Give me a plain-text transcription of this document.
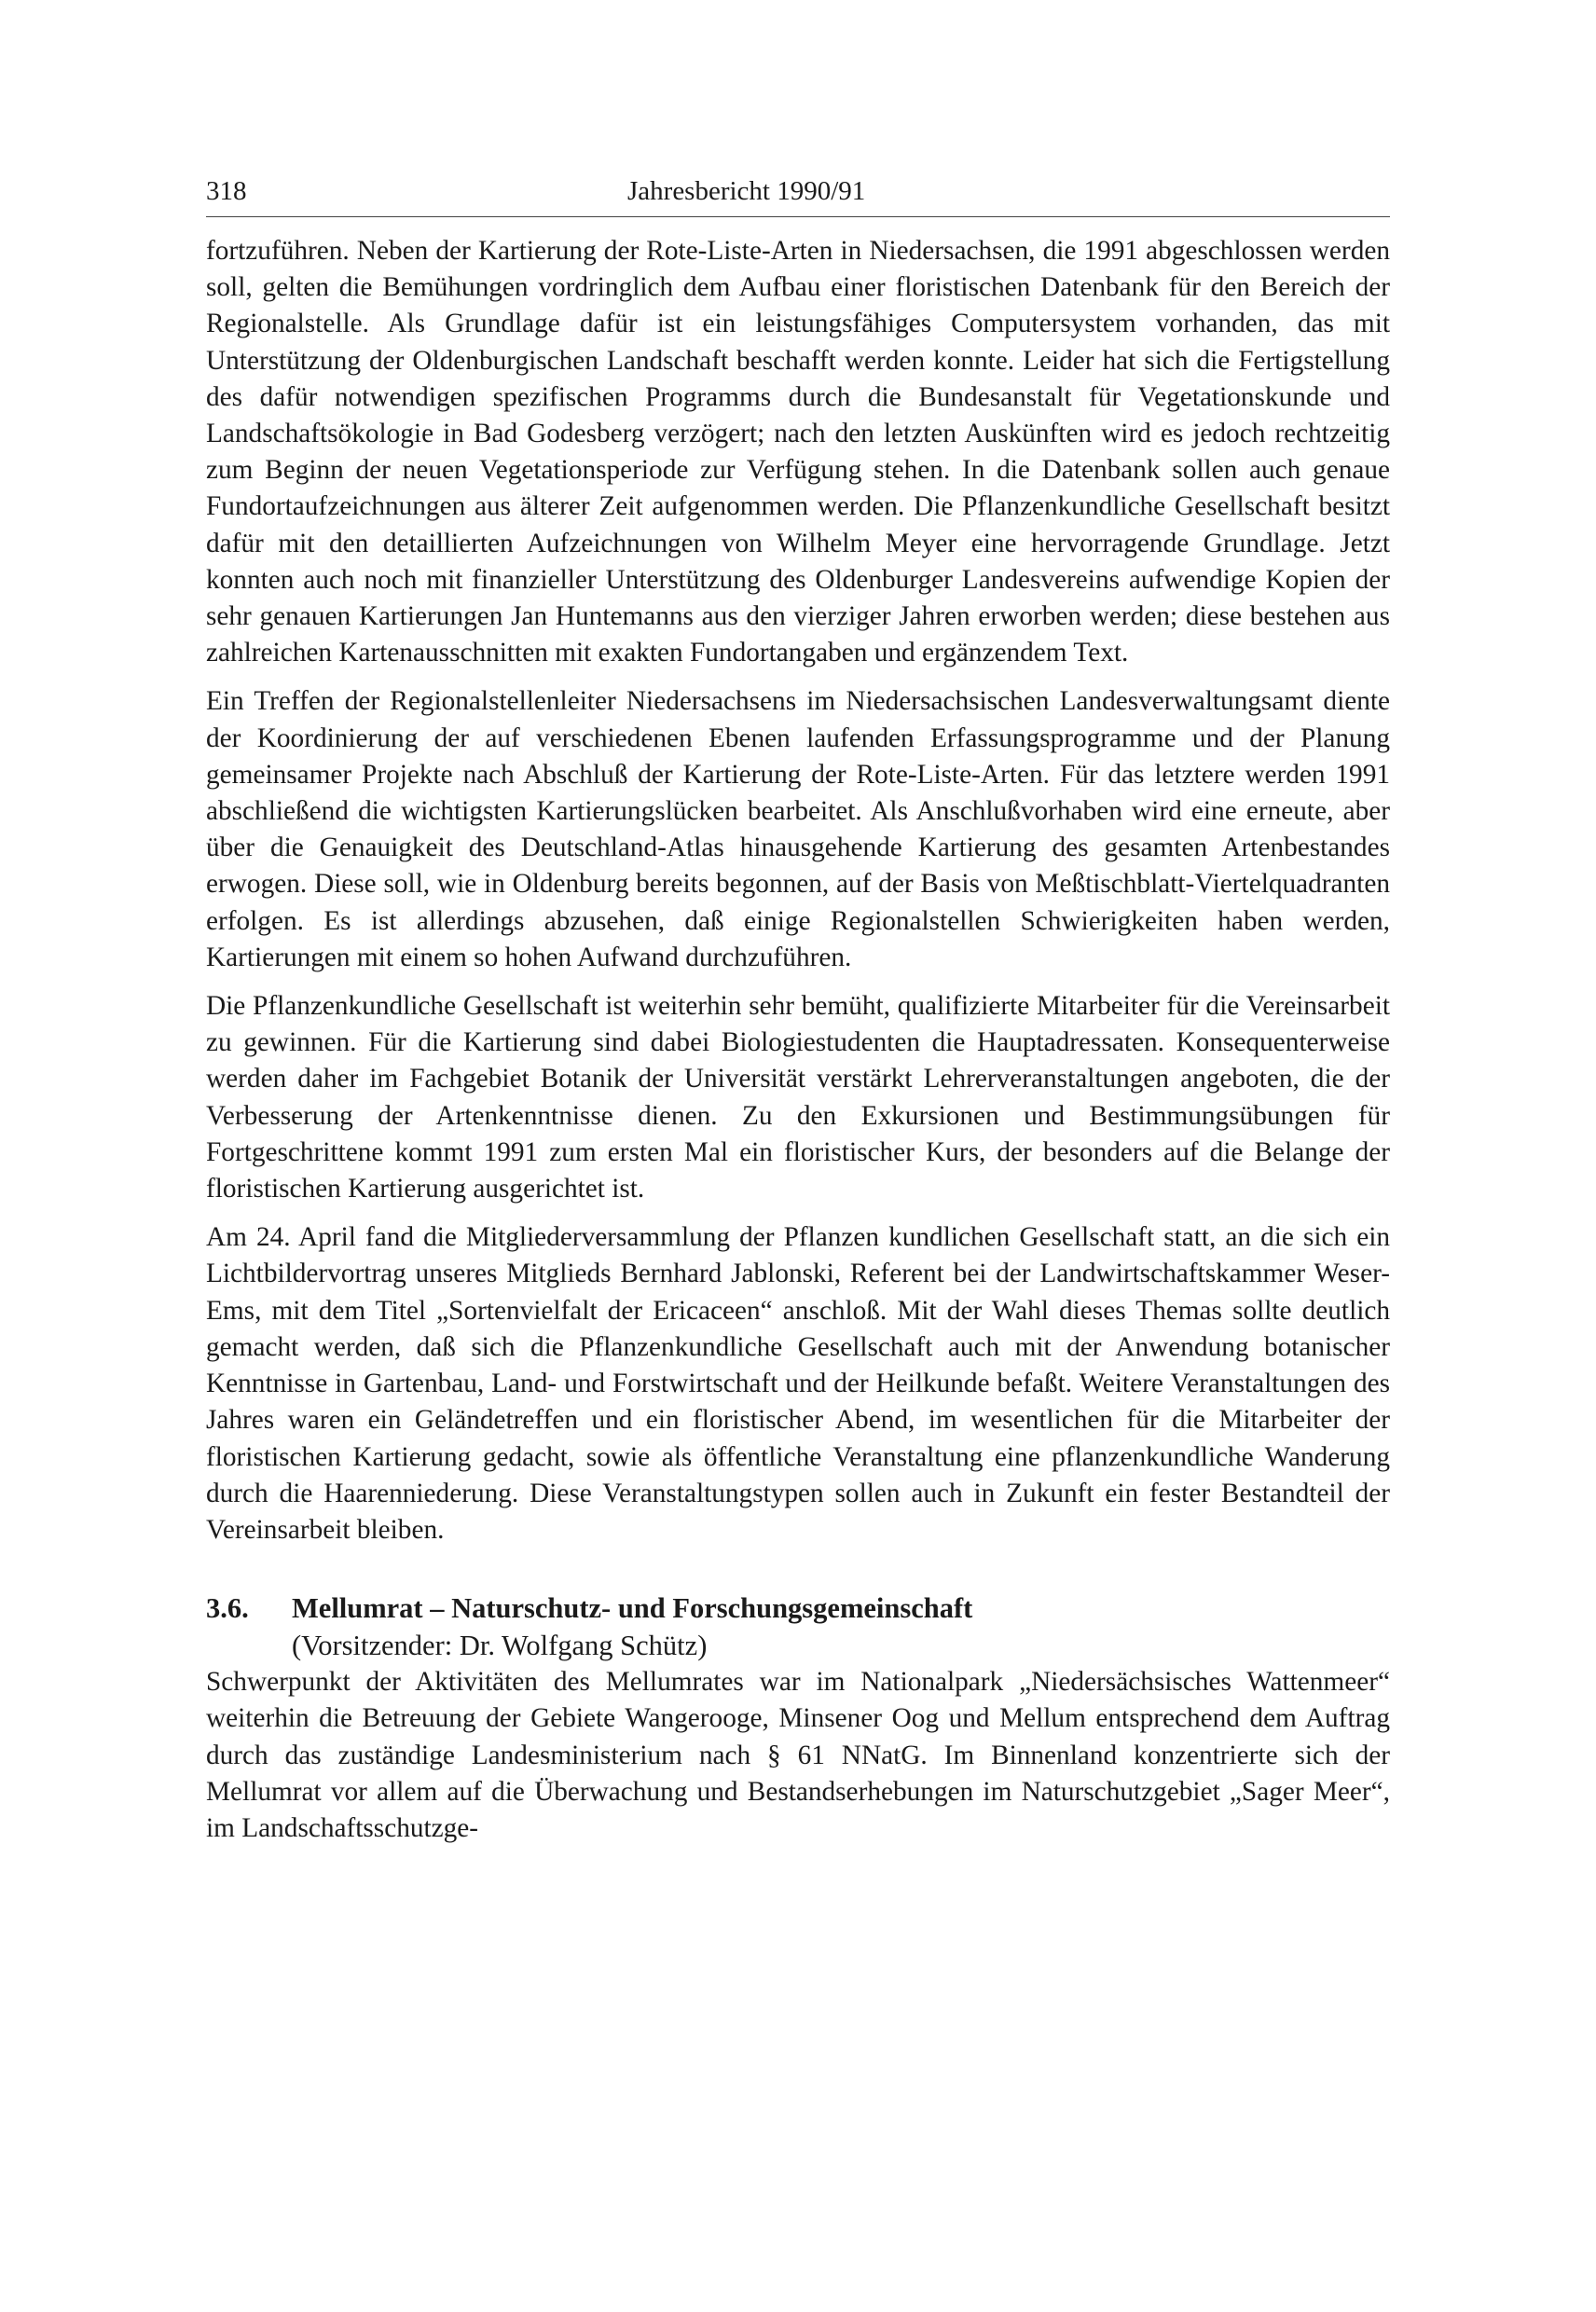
318	Jahresbericht 1990/91

fortzuführen. Neben der Kartierung der Rote-Liste-Arten in Niedersachsen, die 1991 abgeschlossen werden soll, gelten die Bemühungen vordringlich dem Aufbau einer floristischen Datenbank für den Bereich der Regionalstelle. Als Grundlage dafür ist ein leistungsfähiges Computersystem vorhanden, das mit Unterstützung der Oldenburgischen Landschaft beschafft werden konnte. Leider hat sich die Fertigstellung des dafür notwendigen spezifischen Programms durch die Bundesanstalt für Vegetationskunde und Landschaftsökologie in Bad Godesberg verzögert; nach den letzten Auskünften wird es jedoch rechtzeitig zum Beginn der neuen Vegetationsperiode zur Verfügung stehen. In die Datenbank sollen auch genaue Fundortaufzeichnungen aus älterer Zeit aufgenommen werden. Die Pflanzenkundliche Gesellschaft besitzt dafür mit den detaillierten Aufzeichnungen von Wilhelm Meyer eine hervorragende Grundlage. Jetzt konnten auch noch mit finanzieller Unterstützung des Oldenburger Landesvereins aufwendige Kopien der sehr genauen Kartierungen Jan Huntemanns aus den vierziger Jahren erworben werden; diese bestehen aus zahlreichen Kartenausschnitten mit exakten Fundortangaben und ergänzendem Text.

Ein Treffen der Regionalstellenleiter Niedersachsens im Niedersachsischen Landesverwaltungsamt diente der Koordinierung der auf verschiedenen Ebenen laufenden Erfassungsprogramme und der Planung gemeinsamer Projekte nach Abschluß der Kartierung der Rote-Liste-Arten. Für das letztere werden 1991 abschließend die wichtigsten Kartierungslücken bearbeitet. Als Anschlußvorhaben wird eine erneute, aber über die Genauigkeit des Deutschland-Atlas hinausgehende Kartierung des gesamten Artenbestandes erwogen. Diese soll, wie in Oldenburg bereits begonnen, auf der Basis von Meßtischblatt-Viertelquadranten erfolgen. Es ist allerdings abzusehen, daß einige Regionalstellen Schwierigkeiten haben werden, Kartierungen mit einem so hohen Aufwand durchzuführen.

Die Pflanzenkundliche Gesellschaft ist weiterhin sehr bemüht, qualifizierte Mitarbeiter für die Vereinsarbeit zu gewinnen. Für die Kartierung sind dabei Biologiestudenten die Hauptadressaten. Konsequenterweise werden daher im Fachgebiet Botanik der Universität verstärkt Lehrerveranstaltungen angeboten, die der Verbesserung der Artenkenntnisse dienen. Zu den Exkursionen und Bestimmungsübungen für Fortgeschrittene kommt 1991 zum ersten Mal ein floristischer Kurs, der besonders auf die Belange der floristischen Kartierung ausgerichtet ist.

Am 24. April fand die Mitgliederversammlung der Pflanzen kundlichen Gesellschaft statt, an die sich ein Lichtbildervortrag unseres Mitglieds Bernhard Jablonski, Referent bei der Landwirtschaftskammer Weser-Ems, mit dem Titel „Sortenvielfalt der Ericaceen“ anschloß. Mit der Wahl dieses Themas sollte deutlich gemacht werden, daß sich die Pflanzenkundliche Gesellschaft auch mit der Anwendung botanischer Kenntnisse in Gartenbau, Land- und Forstwirtschaft und der Heilkunde befaßt. Weitere Veranstaltungen des Jahres waren ein Geländetreffen und ein floristischer Abend, im wesentlichen für die Mitarbeiter der floristischen Kartierung gedacht, sowie als öffentliche Veranstaltung eine pflanzenkundliche Wanderung durch die Haarenniederung. Diese Veranstaltungstypen sollen auch in Zukunft ein fester Bestandteil der Vereinsarbeit bleiben.

3.6. Mellumrat – Naturschutz- und Forschungsgemeinschaft
(Vorsitzender: Dr. Wolfgang Schütz)

Schwerpunkt der Aktivitäten des Mellumrates war im Nationalpark „Niedersächsisches Wattenmeer“ weiterhin die Betreuung der Gebiete Wangerooge, Minsener Oog und Mellum entsprechend dem Auftrag durch das zuständige Landesministerium nach § 61 NNatG. Im Binnenland konzentrierte sich der Mellumrat vor allem auf die Überwachung und Bestandserhebungen im Naturschutzgebiet „Sager Meer“, im Landschaftsschutzge-
